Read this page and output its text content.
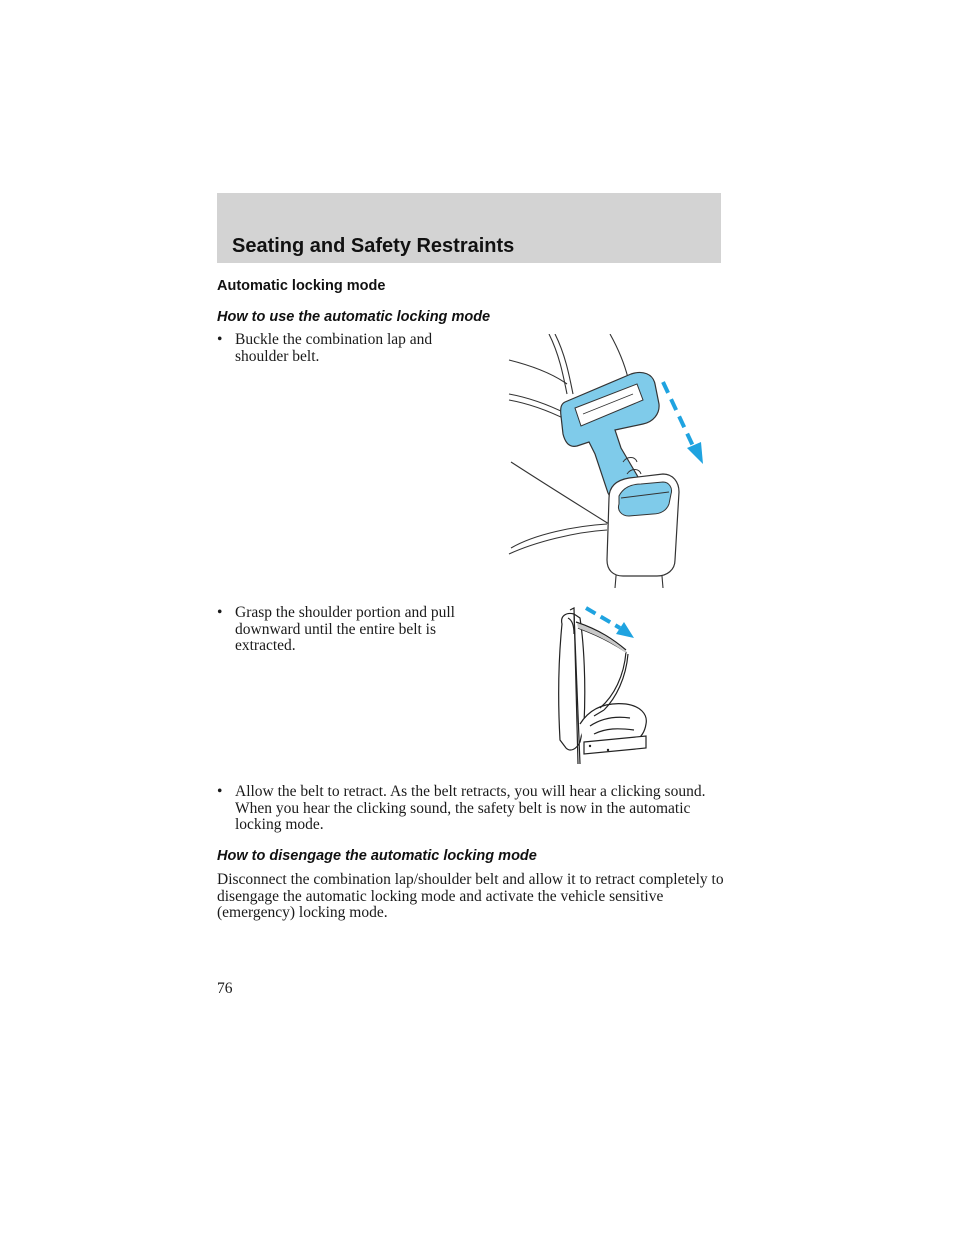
Seating and Safety Restraints
Automatic locking mode
How to use the automatic locking mode
• Buckle the combination lap and shoulder belt.
• Grasp the shoulder portion and pull downward until the entire belt is extracted.
• Allow the belt to retract. As the belt retracts, you will hear a clicking sound. When you hear the clicking sound, the safety belt is now in the automatic locking mode.
How to disengage the automatic locking mode

Disconnect the combination lap/shoulder belt and allow it to retract completely to disengage the automatic locking mode and activate the vehicle sensitive (emergency) locking mode.

76
